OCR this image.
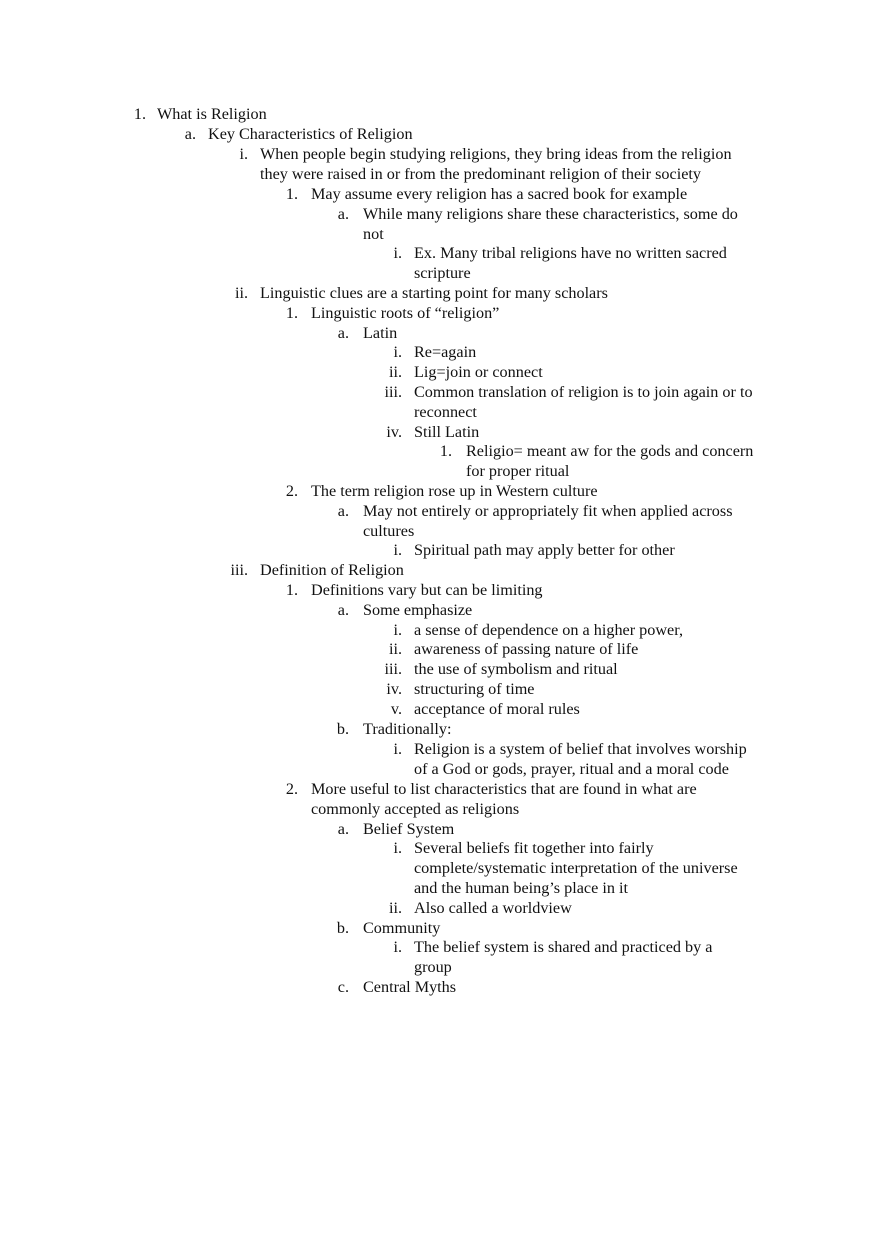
1. What is Religion
a. Key Characteristics of Religion
i. When people begin studying religions, they bring ideas from the religion
they were raised in or from the predominant religion of their society
1. May assume every religion has a sacred book for example
a. While many religions share these characteristics, some do
not
i. Ex. Many tribal religions have no written sacred
scripture
ii. Linguistic clues are a starting point for many scholars
1. Linguistic roots of “religion”
a. Latin
i. Re=again
ii. Lig=join or connect
iii. Common translation of religion is to join again or to
reconnect
iv. Still Latin
1. Religio= meant aw for the gods and concern
for proper ritual
2. The term religion rose up in Western culture
a. May not entirely or appropriately fit when applied across
cultures
i. Spiritual path may apply better for other
iii. Definition of Religion
1. Definitions vary but can be limiting
a. Some emphasize
i. a sense of dependence on a higher power,
ii. awareness of passing nature of life
iii. the use of symbolism and ritual
iv. structuring of time
v. acceptance of moral rules
b. Traditionally:
i. Religion is a system of belief that involves worship
of a God or gods, prayer, ritual and a moral code
2. More useful to list characteristics that are found in what are
commonly accepted as religions
a. Belief System
i. Several beliefs fit together into fairly
complete/systematic interpretation of the universe
and the human being’s place in it
ii. Also called a worldview
b. Community
i. The belief system is shared and practiced by a
group
c. Central Myths
